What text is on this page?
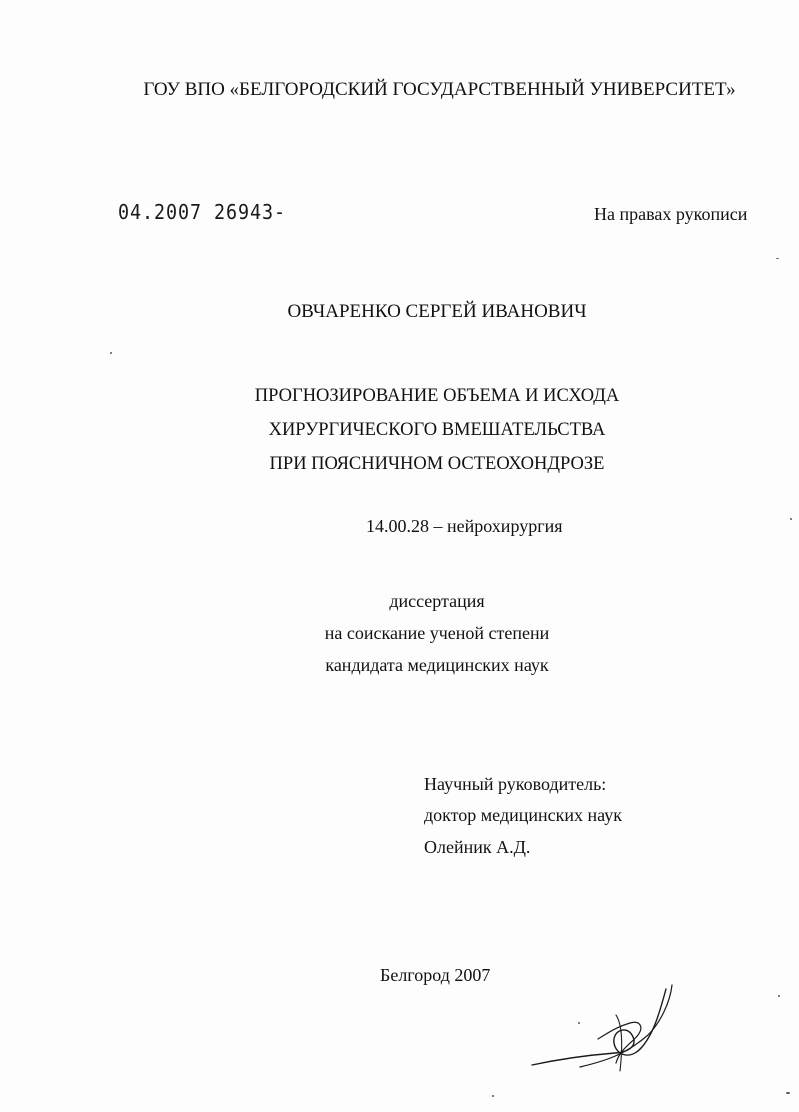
ГОУ ВПО «БЕЛГОРОДСКИЙ ГОСУДАРСТВЕННЫЙ УНИВЕРСИТЕТ»
04.2007 26943-	На правах рукописи
ОВЧАРЕНКО СЕРГЕЙ ИВАНОВИЧ
ПРОГНОЗИРОВАНИЕ ОБЪЕМА И ИСХОДА
ХИРУРГИЧЕСКОГО ВМЕШАТЕЛЬСТВА
ПРИ ПОЯСНИЧНОМ ОСТЕОХОНДРОЗЕ
14.00.28 – нейрохирургия
диссертация
на соискание ученой степени
кандидата медицинских наук
Научный руководитель:
доктор медицинских наук
Олейник А.Д.
Белгород 2007
